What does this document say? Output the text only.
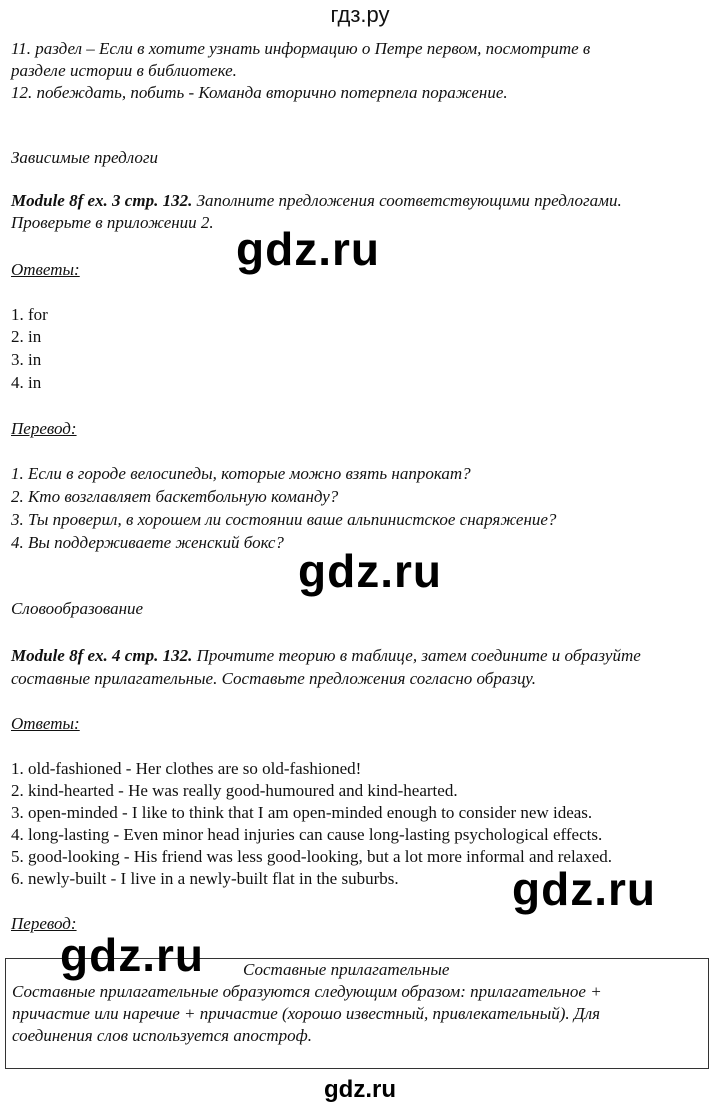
гдз.ру
11. раздел – Если в хотите узнать информацию о Петре первом, посмотрите в
разделе истории в библиотеке.
12. побеждать, побить - Команда вторично потерпела поражение.
Зависимые предлоги
Module 8f ex. 3 стр. 132. Заполните предложения соответствующими предлогами.
Проверьте в приложении 2.
Ответы:
1. for
2. in
3. in
4. in
Перевод:
1. Если в городе велосипеды, которые можно взять напрокат?
2. Кто возглавляет баскетбольную команду?
3. Ты проверил, в хорошем ли состоянии ваше альпинистское снаряжение?
4. Вы поддерживаете женский бокс?
Словообразование
Module 8f ex. 4 стр. 132. Прочтите теорию в таблице, затем соедините и образуйте
составные прилагательные. Составьте предложения согласно образцу.
Ответы:
1. old-fashioned - Her clothes are so old-fashioned!
2. kind-hearted - He was really good-humoured and kind-hearted.
3. open-minded - I like to think that I am open-minded enough to consider new ideas.
4. long-lasting - Even minor head injuries can cause long-lasting psychological effects.
5. good-looking - His friend was less good-looking, but a lot more informal and relaxed.
6. newly-built - I live in a newly-built flat in the suburbs.
Перевод:
Составные прилагательные
Составные прилагательные образуются следующим образом: прилагательное +
причастие или наречие + причастие (хорошо известный, привлекательный). Для
соединения слов используется апостроф.
gdz.ru
gdz.ru
gdz.ru
gdz.ru
gdz.ru
